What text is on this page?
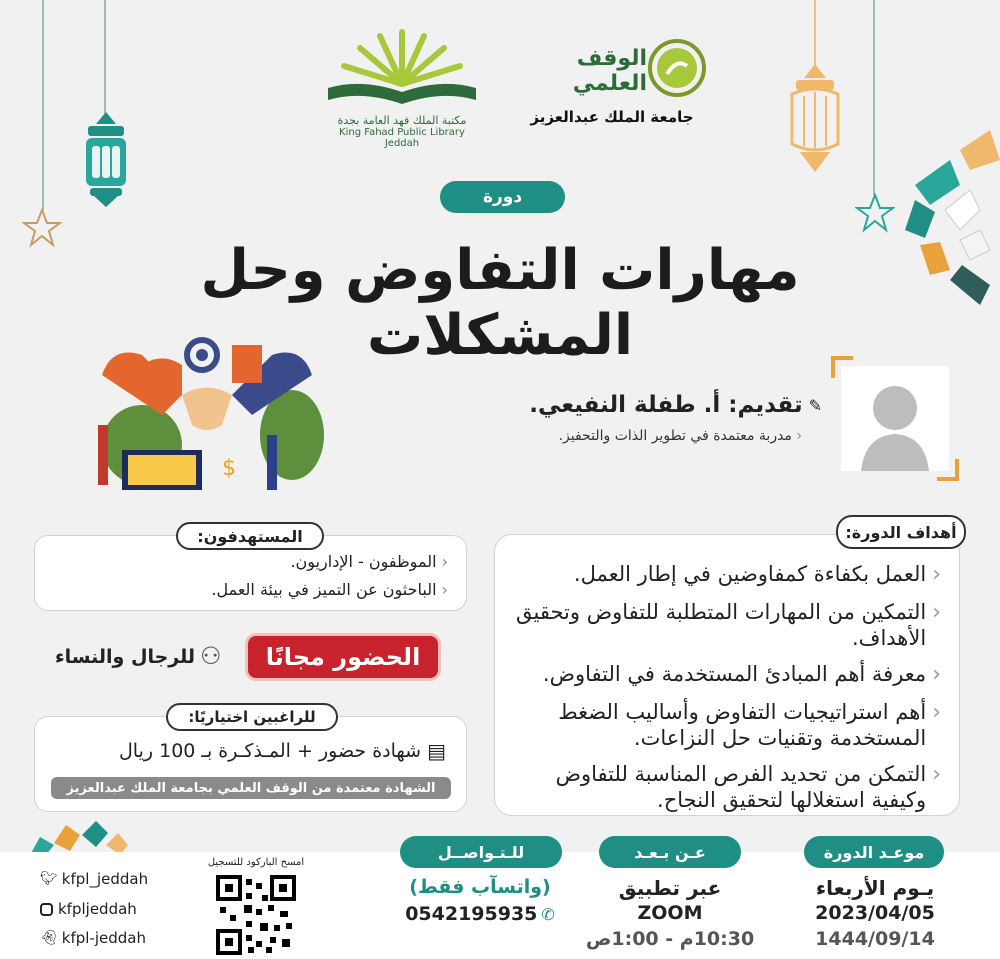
مكتبة الملك فهد العامة بجدة
King Fahad Public Library Jeddah
الوقف العلمي
جامعة الملك عبدالعزيز
دورة
مهارات التفاوض وحل المشكلات
$
✎
تقديم: أ. طفلة النفيعي.
‹ مدربة معتمدة في تطوير الذات والتحفيز.
‹ الموظفون - الإداريون.
‹ الباحثون عن التميز في بيئة العمل.
المستهدفون:
الحضور مجانًا
⚇
للرجال والنساء
▤
شهادة حضور + المـذكـرة بـ 100 ريال
الشهادة معتمدة من الوقف العلمي بجامعة الملك عبدالعزيز
للراغبين اختياريًا:
‹
العمل بكفاءة كمفاوضين في إطار العمل.
‹
التمكين من المهارات المتطلبة للتفاوض وتحقيق الأهداف.
‹
معرفة أهم المبادئ المستخدمة في التفاوض.
‹
أهم استراتيجيات التفاوض وأساليب الضغط المستخدمة وتقنيات حل النزاعات.
‹
التمكن من تحديد الفرص المناسبة للتفاوض وكيفية استغلالها لتحقيق النجاح.
أهداف الدورة:
موعـد الدورة
يـوم الأربعاء
2023/04/05
1444/09/14
عـن بـعـد
عبر تطبيق
ZOOM
10:30م - 1:00ص
للـتـواصــل
(واتسآب فقط)
0542195935 ✆
امسح الباركود للتسجيل
🐦︎ kfpl_jeddah
kfpljeddah
👻︎ kfpl-jeddah
